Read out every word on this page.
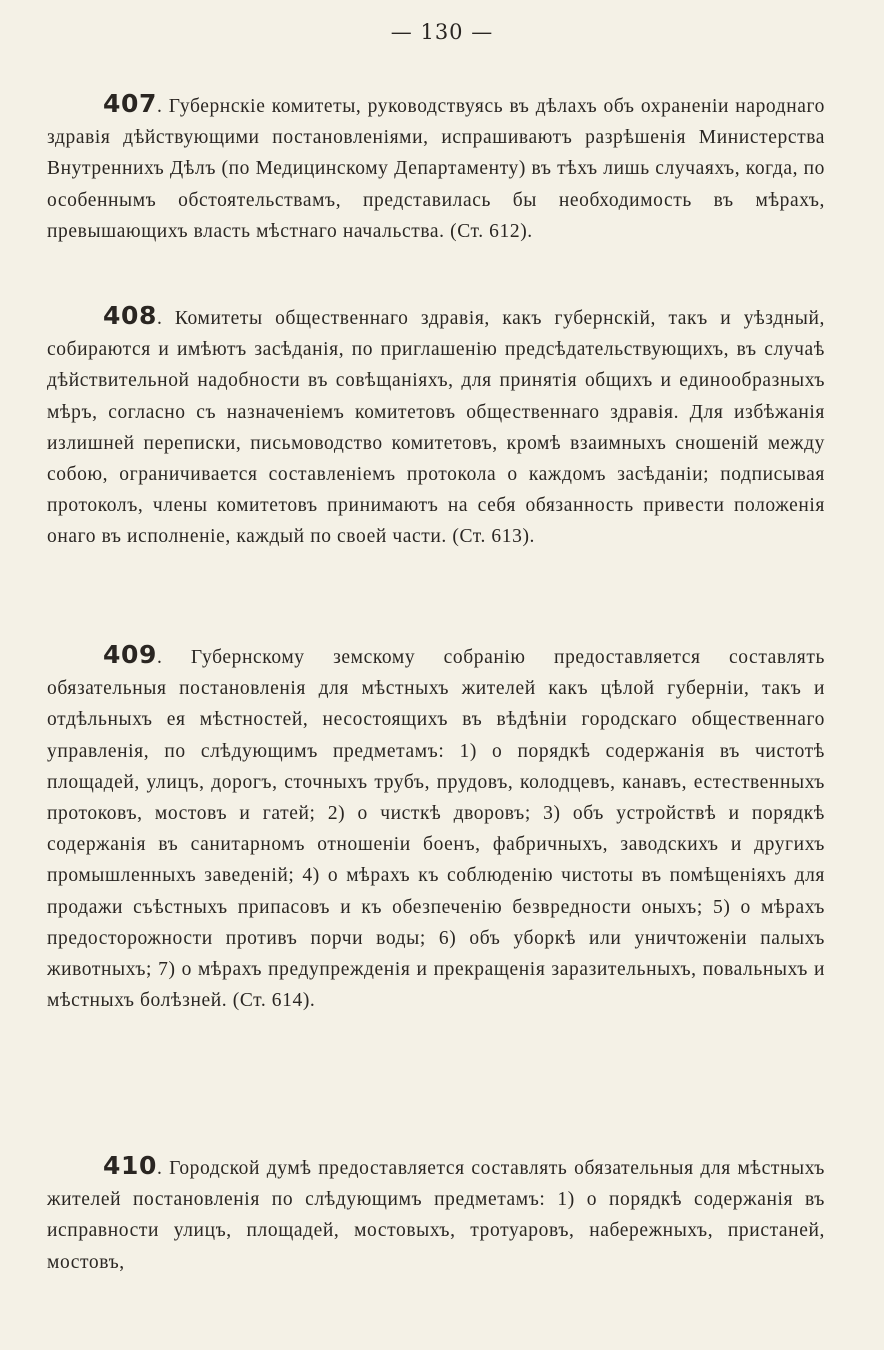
— 130 —

407. Губернскіе комитеты, руководствуясь въ дѣлахъ объ охраненіи народнаго здравія дѣйствующими постановленіями, испрашиваютъ разрѣшенія Министерства Внутреннихъ Дѣлъ (по Медицинскому Департаменту) въ тѣхъ лишь случаяхъ, когда, по особеннымъ обстоятельствамъ, представилась бы необходимость въ мѣрахъ, превышающихъ власть мѣстнаго начальства. (Ст. 612).

408. Комитеты общественнаго здравія, какъ губернскій, такъ и уѣздный, собираются и имѣютъ засѣданія, по приглашенію предсѣдательствующихъ, въ случаѣ дѣйствительной надобности въ совѣщаніяхъ, для принятія общихъ и единообразныхъ мѣръ, согласно съ назначеніемъ комитетовъ общественнаго здравія. Для избѣжанія излишней переписки, письмоводство комитетовъ, кромѣ взаимныхъ сношеній между собою, ограничивается составленіемъ протокола о каждомъ засѣданіи; подписывая протоколъ, члены комитетовъ принимаютъ на себя обязанность привести положенія онаго въ исполненіе, каждый по своей части. (Ст. 613).

409. Губернскому земскому собранію предоставляется составлять обязательныя постановленія для мѣстныхъ жителей какъ цѣлой губерніи, такъ и отдѣльныхъ ея мѣстностей, несостоящихъ въ вѣдѣніи городскаго общественнаго управленія, по слѣдующимъ предметамъ: 1) о порядкѣ содержанія въ чистотѣ площадей, улицъ, дорогъ, сточныхъ трубъ, прудовъ, колодцевъ, канавъ, естественныхъ протоковъ, мостовъ и гатей; 2) о чисткѣ дворовъ; 3) объ устройствѣ и порядкѣ содержанія въ санитарномъ отношеніи боенъ, фабричныхъ, заводскихъ и другихъ промышленныхъ заведеній; 4) о мѣрахъ къ соблюденію чистоты въ помѣщеніяхъ для продажи съѣстныхъ припасовъ и къ обезпеченію безвредности оныхъ; 5) о мѣрахъ предосторожности противъ порчи воды; 6) объ уборкѣ или уничтоженіи палыхъ животныхъ; 7) о мѣрахъ предупрежденія и прекращенія заразительныхъ, повальныхъ и мѣстныхъ болѣзней. (Ст. 614).

410. Городской думѣ предоставляется составлять обязательныя для мѣстныхъ жителей постановленія по слѣдующимъ предметамъ: 1) о порядкѣ содержанія въ исправности улицъ, площадей, мостовыхъ, тротуаровъ, набережныхъ, пристаней, мостовъ,
